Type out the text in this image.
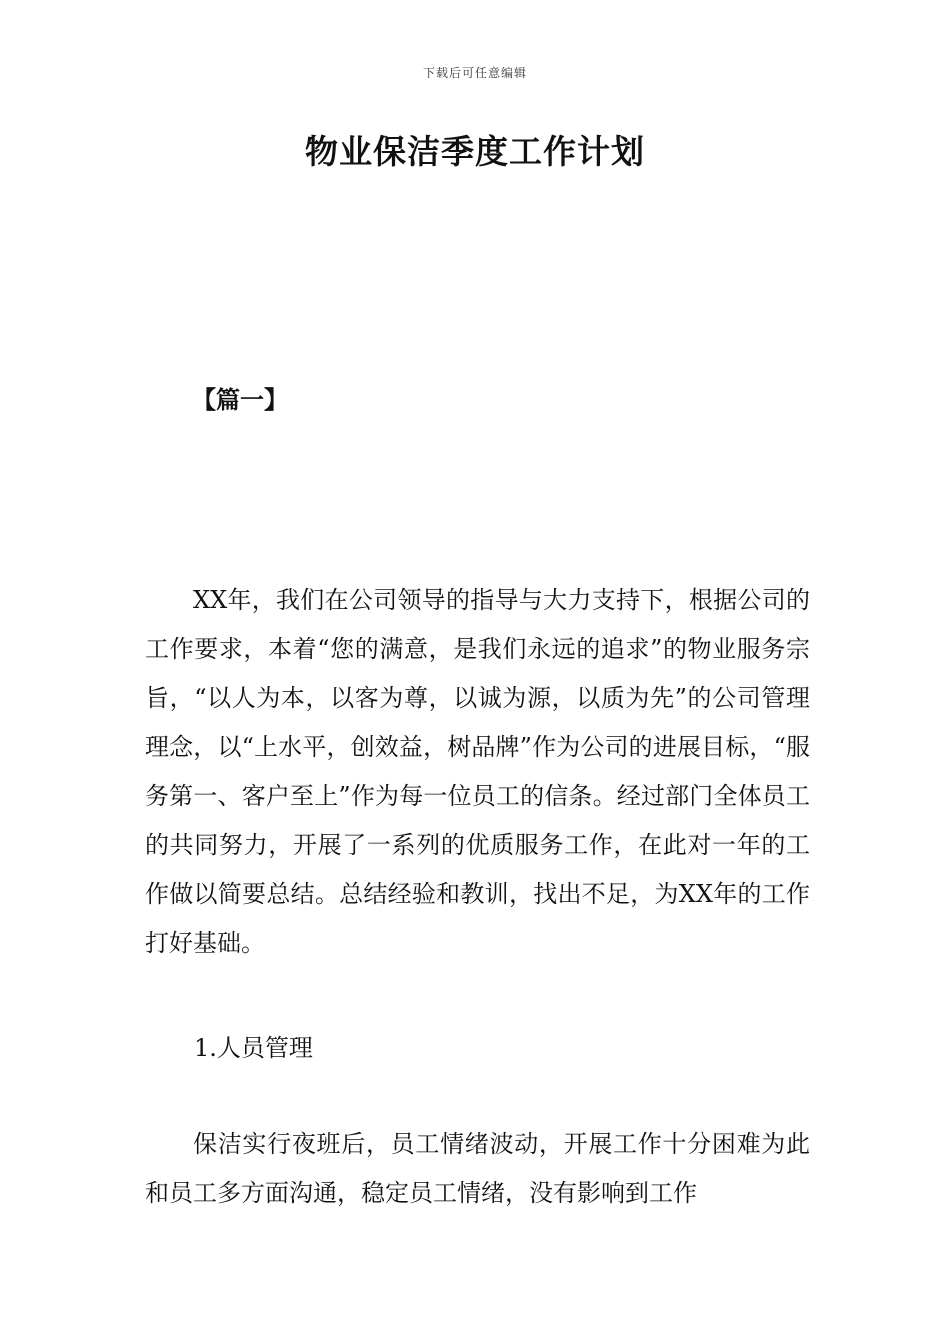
下载后可任意编辑
物业保洁季度工作计划
【篇一】

XX年，我们在公司领导的指导与大力支持下，根据公司的工作要求，本着“您的满意，是我们永远的追求”的物业服务宗旨，“以人为本，以客为尊，以诚为源，以质为先”的公司管理理念，以“上水平，创效益，树品牌”作为公司的进展目标，“服务第一、客户至上”作为每一位员工的信条。经过部门全体员工的共同努力，开展了一系列的优质服务工作，在此对一年的工作做以简要总结。总结经验和教训，找出不足，为XX年的工作打好基础。

1.人员管理

保洁实行夜班后，员工情绪波动，开展工作十分困难为此和员工多方面沟通，稳定员工情绪，没有影响到工作
